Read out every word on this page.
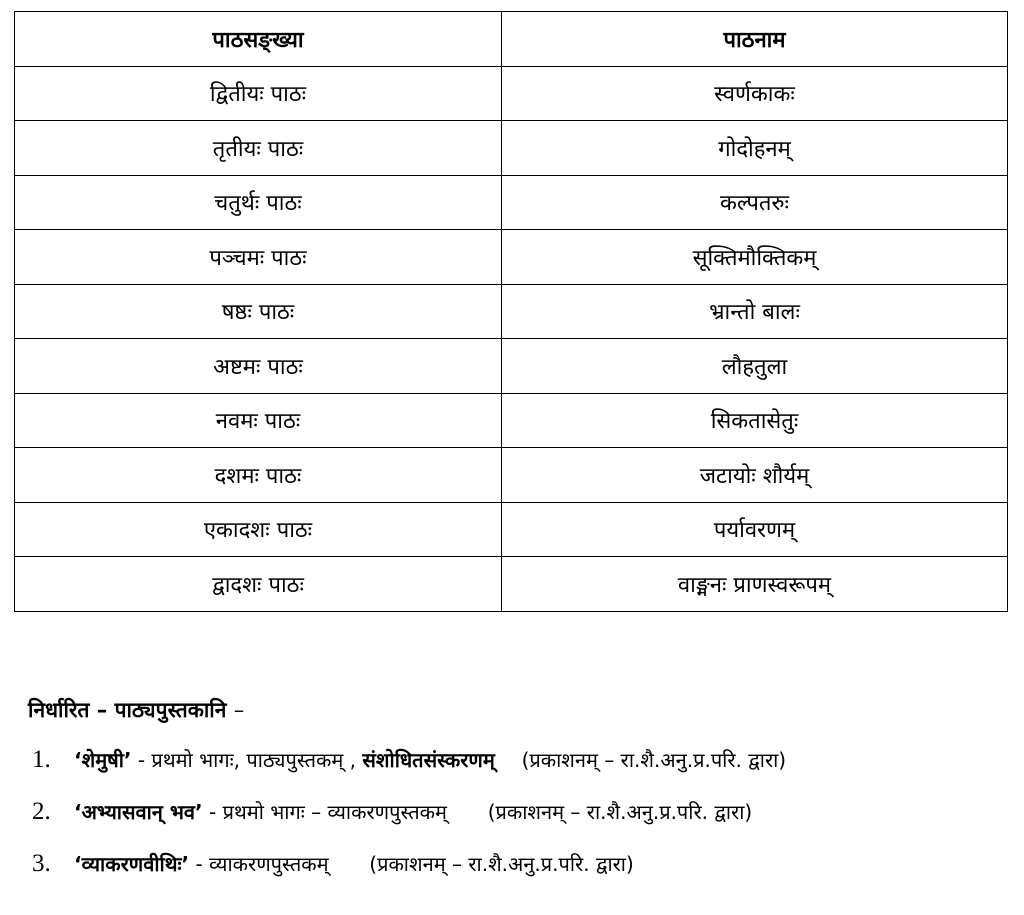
पाठसङ्ख्या	पाठनाम
द्वितीयः पाठः	स्वर्णकाकः
तृतीयः पाठः	गोदोहनम्
चतुर्थः पाठः	कल्पतरुः
पञ्चमः पाठः	सूक्तिमौक्तिकम्
षष्ठः पाठः	भ्रान्तो बालः
अष्टमः पाठः	लौहतुला
नवमः पाठः	सिकतासेतुः
दशमः पाठः	जटायोः शौर्यम्
एकादशः पाठः	पर्यावरणम्
द्वादशः पाठः	वाङ्मनः प्राणस्वरूपम्
निर्धारित – पाठ्यपुस्तकानि –
1.	‘शेमुषी’ - प्रथमो भागः, पाठ्यपुस्तकम् , संशोधितसंस्करणम् (प्रकाशनम् – रा.शै.अनु.प्र.परि. द्वारा)
2.	‘अभ्यासवान् भव’ - प्रथमो भागः – व्याकरणपुस्तकम् (प्रकाशनम् – रा.शै.अनु.प्र.परि. द्वारा)
3.	‘व्याकरणवीथिः’ - व्याकरणपुस्तकम् (प्रकाशनम् – रा.शै.अनु.प्र.परि. द्वारा)
